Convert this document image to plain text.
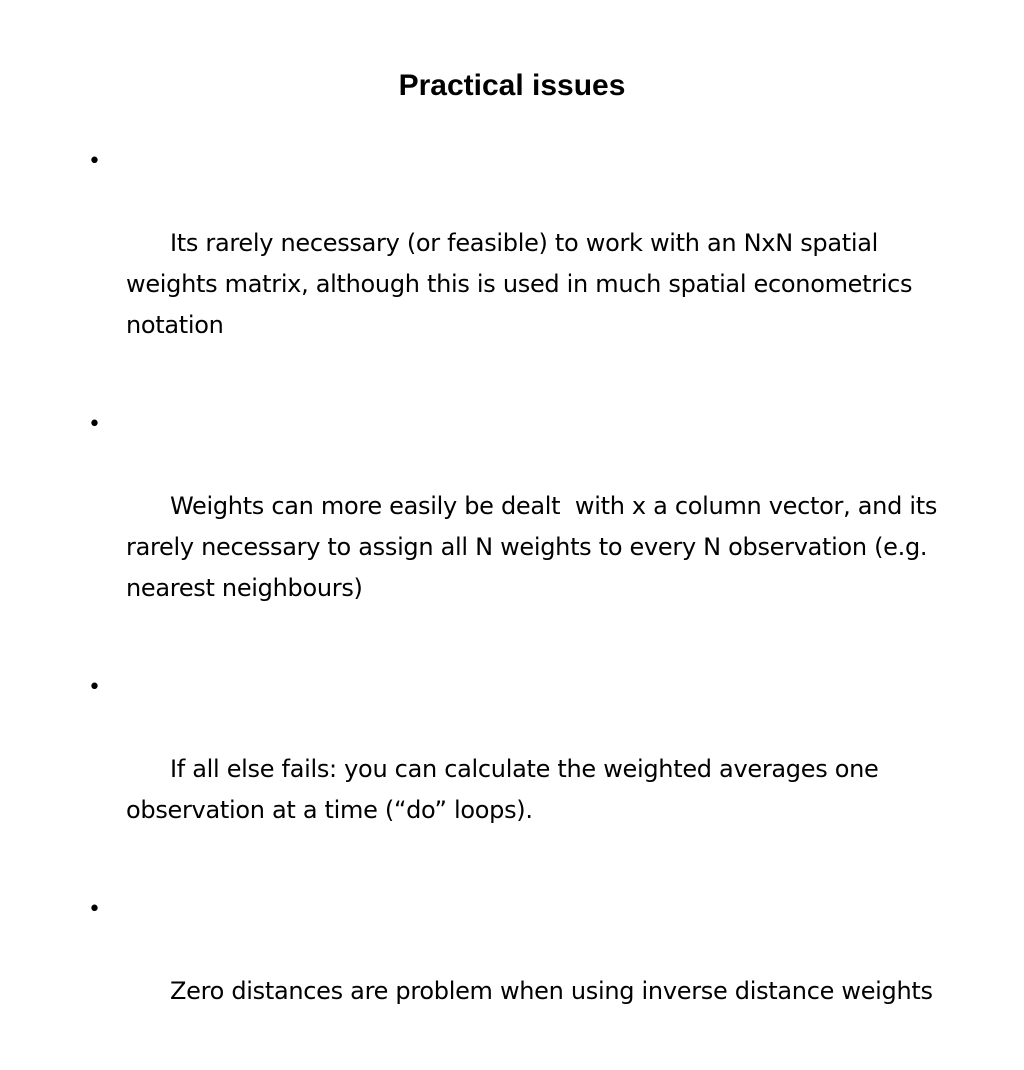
Practical issues

•

Its rarely necessary (or feasible) to work with an NxN spatial weights matrix, although this is used in much spatial econometrics notation

•

Weights can more easily be dealt  with x a column vector, and its rarely necessary to assign all N weights to every N observation (e.g. nearest neighbours)

•

If all else fails: you can calculate the weighted averages one observation at a time (“do” loops).

•

Zero distances are problem when using inverse distance weights
